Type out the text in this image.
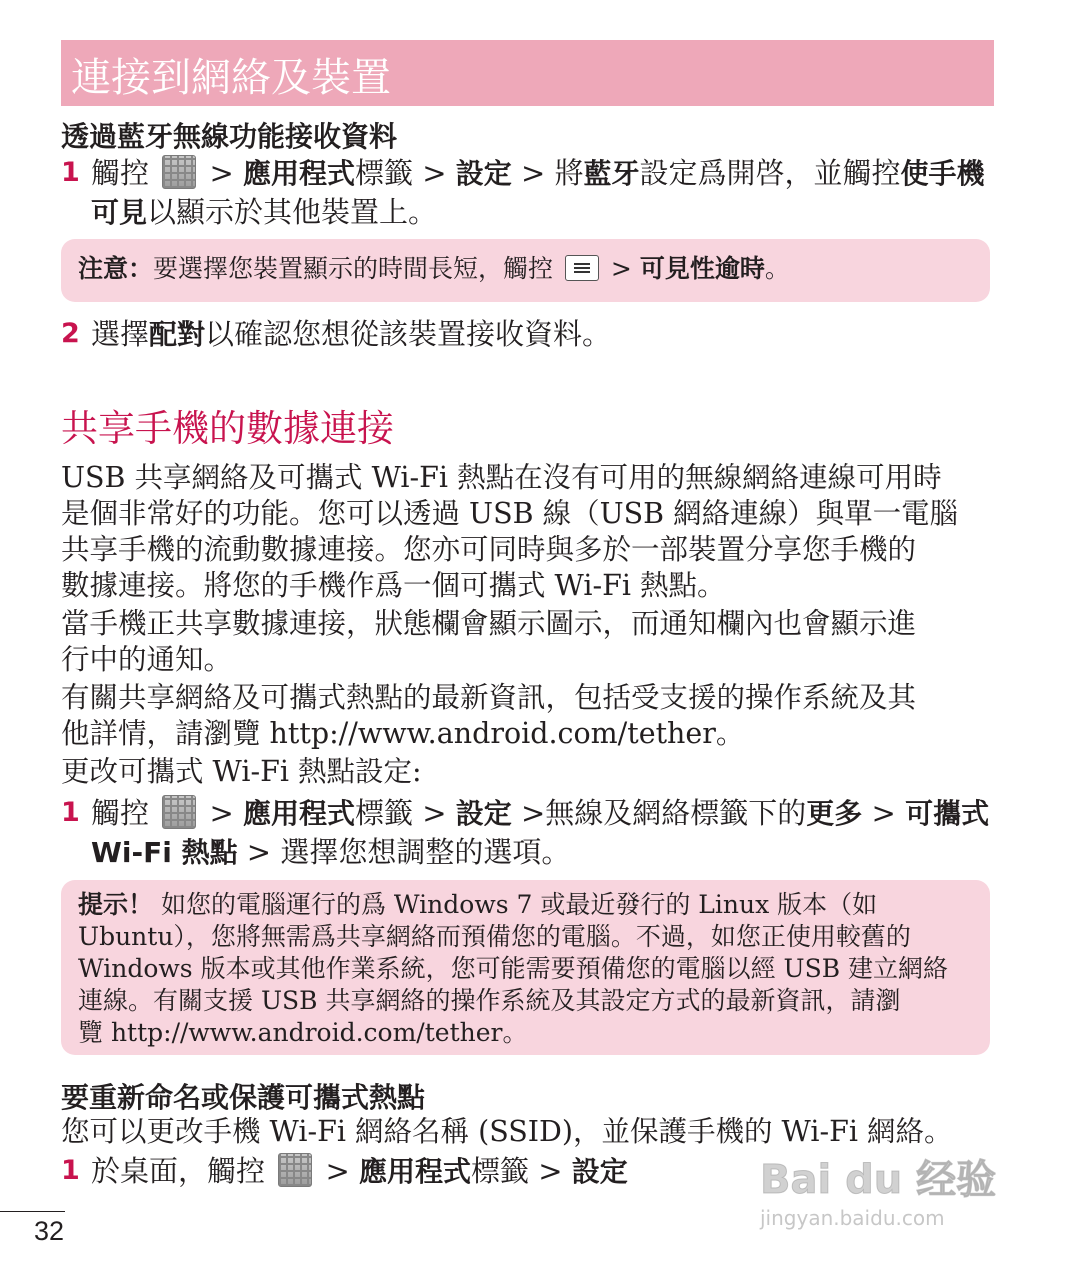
連接到網絡及裝置
透過藍牙無線功能接收資料
1 觸控  > 應用程式標籤 > 設定 > 將藍牙設定爲開啓，並觸控使手機可見以顯示於其他裝置上。
注意：要選擇您裝置顯示的時間長短，觸控  > 可見性逾時。
2 選擇配對以確認您想從該裝置接收資料。
共享手機的數據連接
USB 共享網絡及可攜式 Wi-Fi 熱點在沒有可用的無線網絡連線可用時
是個非常好的功能。您可以透過 USB 線（USB 網絡連線）與單一電腦
共享手機的流動數據連接。您亦可同時與多於一部裝置分享您手機的
數據連接。將您的手機作爲一個可攜式 Wi-Fi 熱點。
當手機正共享數據連接，狀態欄會顯示圖示，而通知欄內也會顯示進
行中的通知。
有關共享網絡及可攜式熱點的最新資訊，包括受支援的操作系統及其
他詳情，請瀏覽 http://www.android.com/tether。
更改可攜式 Wi-Fi 熱點設定:
1 觸控  > 應用程式標籤 > 設定 >無線及網絡標籤下的更多 > 可攜式 Wi-Fi 熱點 > 選擇您想調整的選項。
提示！ 如您的電腦運行的爲 Windows 7 或最近發行的 Linux 版本（如
Ubuntu），您將無需爲共享網絡而預備您的電腦。不過，如您正使用較舊的
Windows 版本或其他作業系統，您可能需要預備您的電腦以經 USB 建立網絡
連線。有關支援 USB 共享網絡的操作系統及其設定方式的最新資訊，請瀏
覽 http://www.android.com/tether。
要重新命名或保護可攜式熱點
您可以更改手機 Wi-Fi 網絡名稱 (SSID)，並保護手機的 Wi-Fi 網絡。
1 於桌面，觸控  > 應用程式標籤 > 設定
32
Bai du 经验
jingyan.baidu.com
